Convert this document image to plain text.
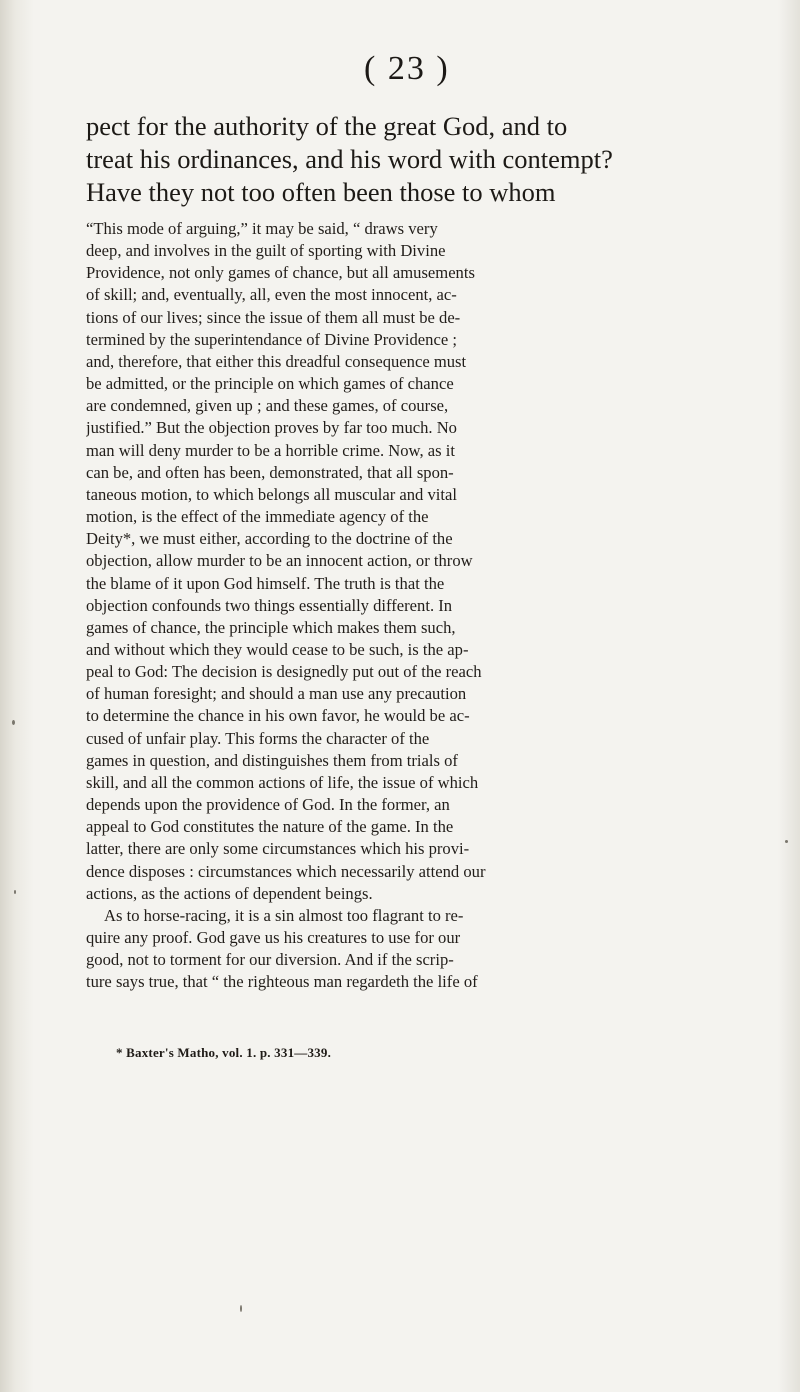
( 23 )
pect for the authority of the great God, and to
treat his ordinances, and his word with contempt?
Have they not too often been those to whom
“This mode of arguing,” it may be said, “ draws very
deep, and involves in the guilt of sporting with Divine
Providence, not only games of chance, but all amusements
of skill; and, eventually, all, even the most innocent, ac-
tions of our lives; since the issue of them all must be de-
termined by the superintendance of Divine Providence ;
and, therefore, that either this dreadful consequence must
be admitted, or the principle on which games of chance
are condemned, given up ; and these games, of course,
justified.” But the objection proves by far too much. No
man will deny murder to be a horrible crime. Now, as it
can be, and often has been, demonstrated, that all spon-
taneous motion, to which belongs all muscular and vital
motion, is the effect of the immediate agency of the
Deity*, we must either, according to the doctrine of the
objection, allow murder to be an innocent action, or throw
the blame of it upon God himself. The truth is that the
objection confounds two things essentially different. In
games of chance, the principle which makes them such,
and without which they would cease to be such, is the ap-
peal to God: The decision is designedly put out of the reach
of human foresight; and should a man use any precaution
to determine the chance in his own favor, he would be ac-
cused of unfair play. This forms the character of the
games in question, and distinguishes them from trials of
skill, and all the common actions of life, the issue of which
depends upon the providence of God. In the former, an
appeal to God constitutes the nature of the game. In the
latter, there are only some circumstances which his provi-
dence disposes : circumstances which necessarily attend our
actions, as the actions of dependent beings.
As to horse-racing, it is a sin almost too flagrant to re-
quire any proof. God gave us his creatures to use for our
good, not to torment for our diversion. And if the scrip-
ture says true, that “ the righteous man regardeth the life of
* Baxter's Matho, vol. 1. p. 331—339.
